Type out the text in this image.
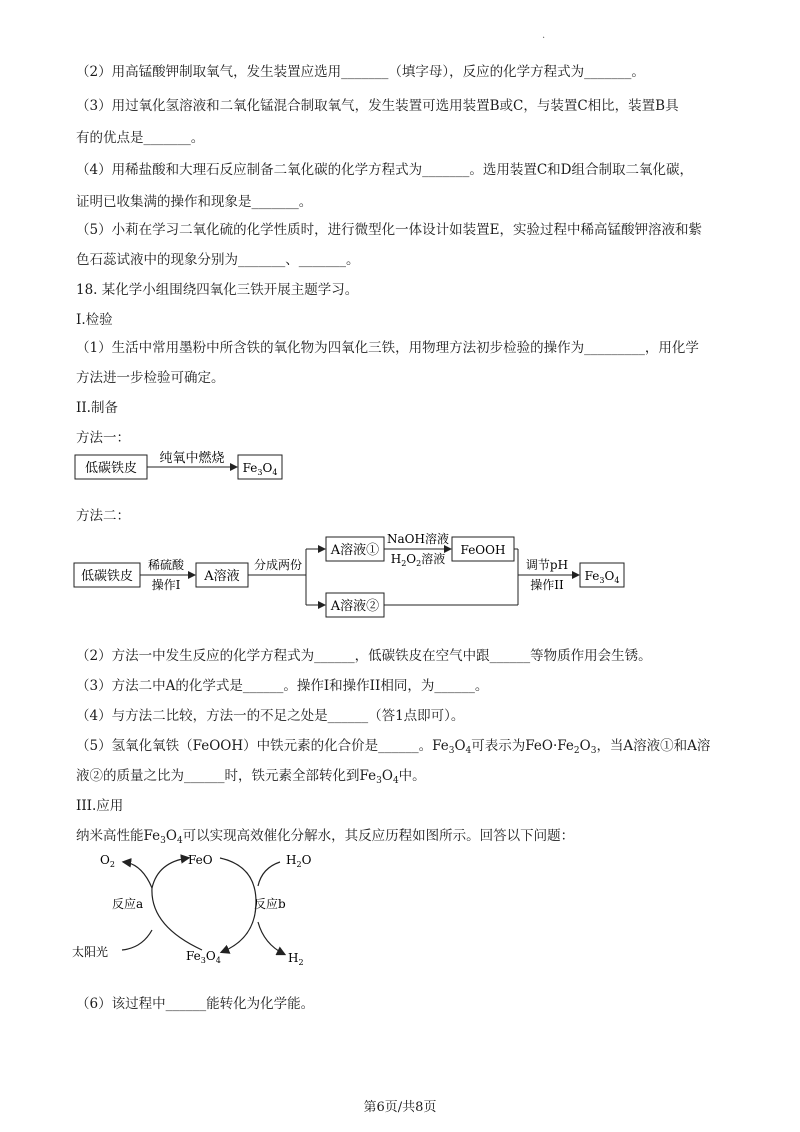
.
（2）用高锰酸钾制取氧气，发生装置应选用_______（填字母），反应的化学方程式为_______。
（3）用过氧化氢溶液和二氧化锰混合制取氧气，发生装置可选用装置B或C，与装置C相比，装置B具
有的优点是_______。
（4）用稀盐酸和大理石反应制备二氧化碳的化学方程式为_______。选用装置C和D组合制取二氧化碳，
证明已收集满的操作和现象是_______。
（5）小莉在学习二氧化硫的化学性质时，进行微型化一体设计如装置E，实验过程中稀高锰酸钾溶液和紫
色石蕊试液中的现象分别为_______、_______。
18. 某化学小组围绕四氧化三铁开展主题学习。
I.检验
（1）生活中常用墨粉中所含铁的氧化物为四氧化三铁，用物理方法初步检验的操作为_________，用化学
方法进一步检验可确定。
II.制备
方法一：
低碳铁皮
纯氧中燃烧
$Fe_3O_4$
方法二：
低碳铁皮
稀硫酸
操作I
A溶液
分成两份
A溶液①
A溶液②
NaOH溶液
$H_2O_2$溶液
FeOOH
调节pH
操作II
$Fe_3O_4$
（2）方法一中发生反应的化学方程式为______，低碳铁皮在空气中跟______等物质作用会生锈。
（3）方法二中A的化学式是______。操作I和操作II相同，为______。
（4）与方法二比较，方法一的不足之处是______（答1点即可）。
（5）氢氧化氧铁（FeOOH）中铁元素的化合价是______。$Fe_3O_4$可表示为$FeO\cdot Fe_2O_3$，当A溶液①和A溶
液②的质量之比为______时，铁元素全部转化到$Fe_3O_4$中。
III.应用
纳米高性能$Fe_3O_4$可以实现高效催化分解水，其反应历程如图所示。回答以下问题：
$O_2$	FeO	$H_2O$
反应a	反应b
太阳光	$Fe_3O_4$	$H_2$
（6）该过程中______能转化为化学能。
第6页/共8页
